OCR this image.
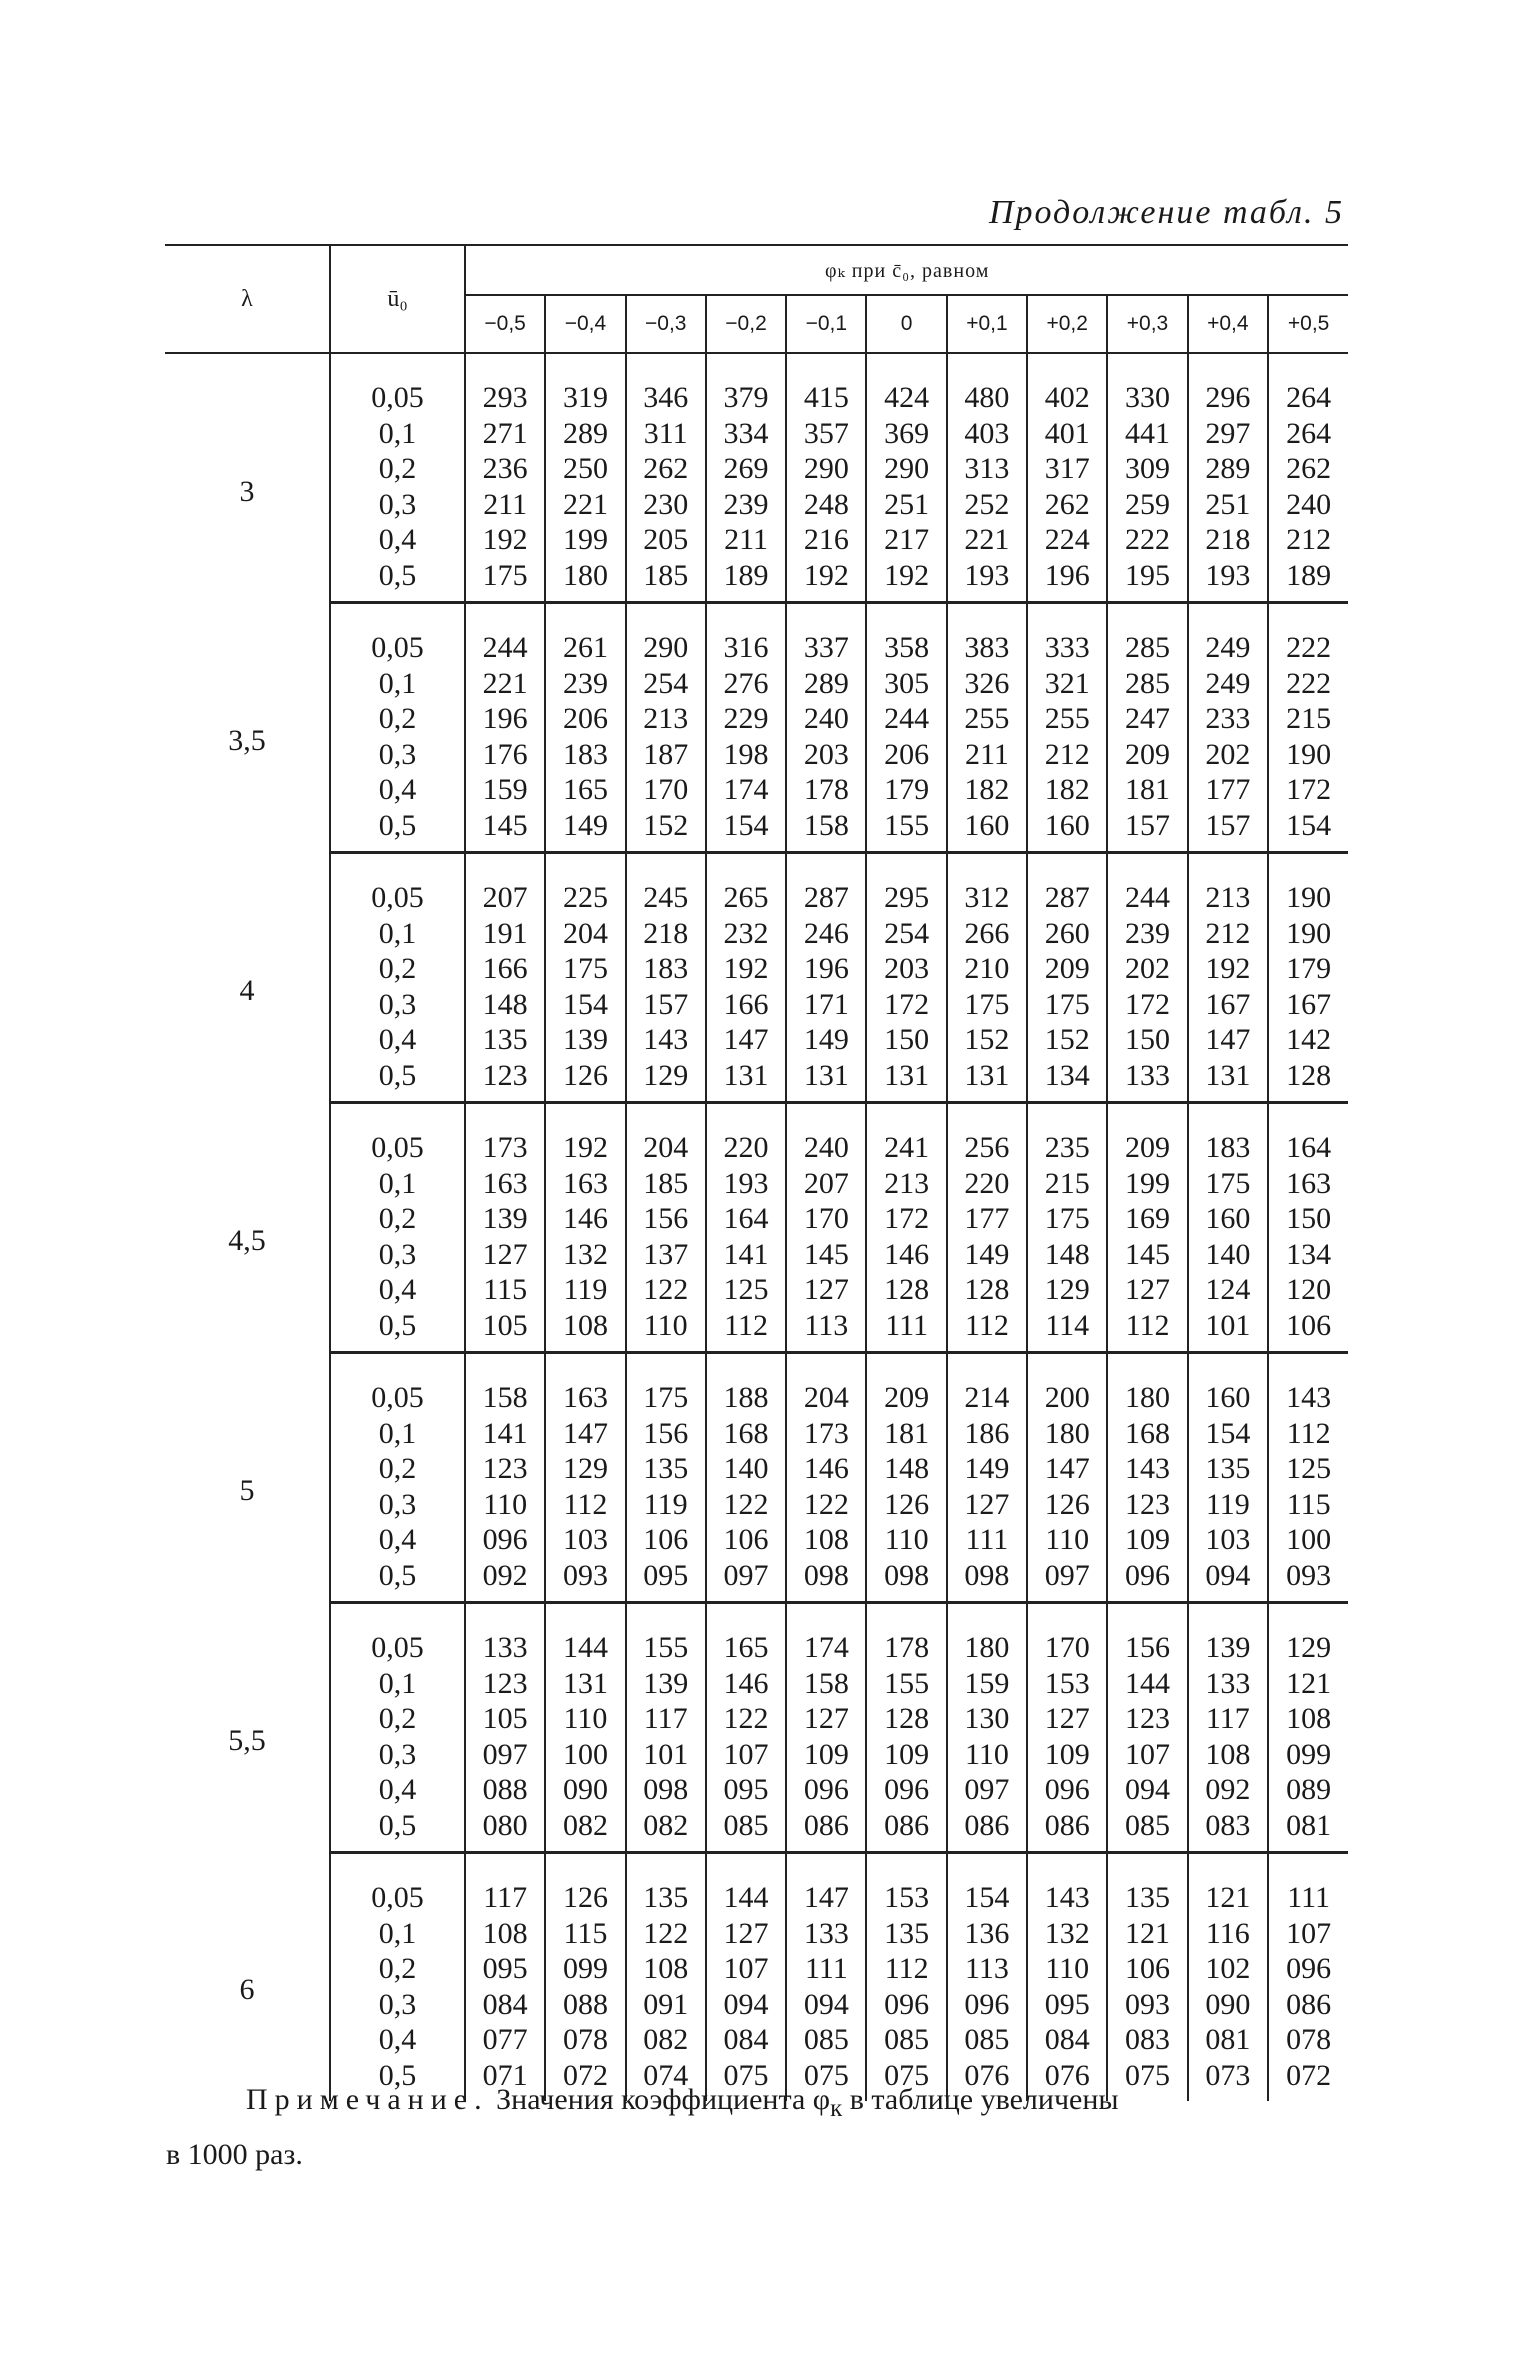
Продолжение табл. 5
λ	ū₀	φₖ при c̄₀, равном										
		−0,5	−0,4	−0,3	−0,2	−0,1	0	+0,1	+0,2	+0,3	+0,4	+0,5
3	0,05	293	319	346	379	415	424	480	402	330	296	264
	0,1	271	289	311	334	357	369	403	401	441	297	264
	0,2	236	250	262	269	290	290	313	317	309	289	262
	0,3	211	221	230	239	248	251	252	262	259	251	240
	0,4	192	199	205	211	216	217	221	224	222	218	212
	0,5	175	180	185	189	192	192	193	196	195	193	189
3,5	0,05	244	261	290	316	337	358	383	333	285	249	222
	0,1	221	239	254	276	289	305	326	321	285	249	222
	0,2	196	206	213	229	240	244	255	255	247	233	215
	0,3	176	183	187	198	203	206	211	212	209	202	190
	0,4	159	165	170	174	178	179	182	182	181	177	172
	0,5	145	149	152	154	158	155	160	160	157	157	154
4	0,05	207	225	245	265	287	295	312	287	244	213	190
	0,1	191	204	218	232	246	254	266	260	239	212	190
	0,2	166	175	183	192	196	203	210	209	202	192	179
	0,3	148	154	157	166	171	172	175	175	172	167	167
	0,4	135	139	143	147	149	150	152	152	150	147	142
	0,5	123	126	129	131	131	131	131	134	133	131	128
4,5	0,05	173	192	204	220	240	241	256	235	209	183	164
	0,1	163	163	185	193	207	213	220	215	199	175	163
	0,2	139	146	156	164	170	172	177	175	169	160	150
	0,3	127	132	137	141	145	146	149	148	145	140	134
	0,4	115	119	122	125	127	128	128	129	127	124	120
	0,5	105	108	110	112	113	111	112	114	112	101	106
5	0,05	158	163	175	188	204	209	214	200	180	160	143
	0,1	141	147	156	168	173	181	186	180	168	154	112
	0,2	123	129	135	140	146	148	149	147	143	135	125
	0,3	110	112	119	122	122	126	127	126	123	119	115
	0,4	096	103	106	106	108	110	111	110	109	103	100
	0,5	092	093	095	097	098	098	098	097	096	094	093
5,5	0,05	133	144	155	165	174	178	180	170	156	139	129
	0,1	123	131	139	146	158	155	159	153	144	133	121
	0,2	105	110	117	122	127	128	130	127	123	117	108
	0,3	097	100	101	107	109	109	110	109	107	108	099
	0,4	088	090	098	095	096	096	097	096	094	092	089
	0,5	080	082	082	085	086	086	086	086	085	083	081
6	0,05	117	126	135	144	147	153	154	143	135	121	111
	0,1	108	115	122	127	133	135	136	132	121	116	107
	0,2	095	099	108	107	111	112	113	110	106	102	096
	0,3	084	088	091	094	094	096	096	095	093	090	086
	0,4	077	078	082	084	085	085	085	084	083	081	078
	0,5	071	072	074	075	075	075	076	076	075	073	072
Примечание. Значения коэффициента $\varphi_к$ в таблице увеличены
в 1000 раз.
